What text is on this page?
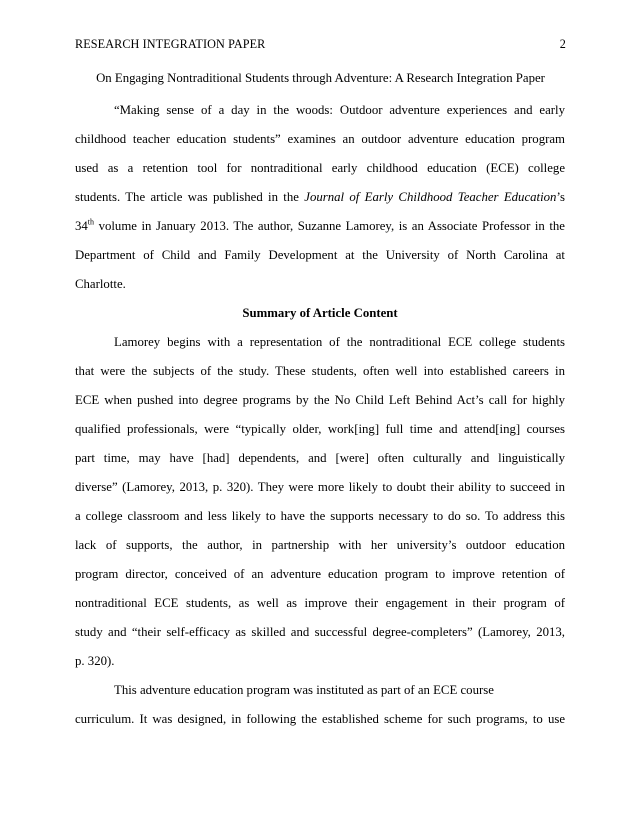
RESEARCH INTEGRATION PAPER	2
On Engaging Nontraditional Students through Adventure: A Research Integration Paper
“Making sense of a day in the woods: Outdoor adventure experiences and early
childhood teacher education students” examines an outdoor adventure education program
used as a retention tool for nontraditional early childhood education (ECE) college
students. The article was published in the Journal of Early Childhood Teacher Education’s
34th volume in January 2013. The author, Suzanne Lamorey, is an Associate Professor in the
Department of Child and Family Development at the University of North Carolina at
Charlotte.
Summary of Article Content
Lamorey begins with a representation of the nontraditional ECE college students
that were the subjects of the study. These students, often well into established careers in
ECE when pushed into degree programs by the No Child Left Behind Act’s call for highly
qualified professionals, were “typically older, work[ing] full time and attend[ing] courses
part time, may have [had] dependents, and [were] often culturally and linguistically
diverse” (Lamorey, 2013, p. 320). They were more likely to doubt their ability to succeed in
a college classroom and less likely to have the supports necessary to do so. To address this
lack of supports, the author, in partnership with her university’s outdoor education
program director, conceived of an adventure education program to improve retention of
nontraditional ECE students, as well as improve their engagement in their program of
study and “their self-efficacy as skilled and successful degree-completers” (Lamorey, 2013,
p. 320).
This adventure education program was instituted as part of an ECE course
curriculum. It was designed, in following the established scheme for such programs, to use
